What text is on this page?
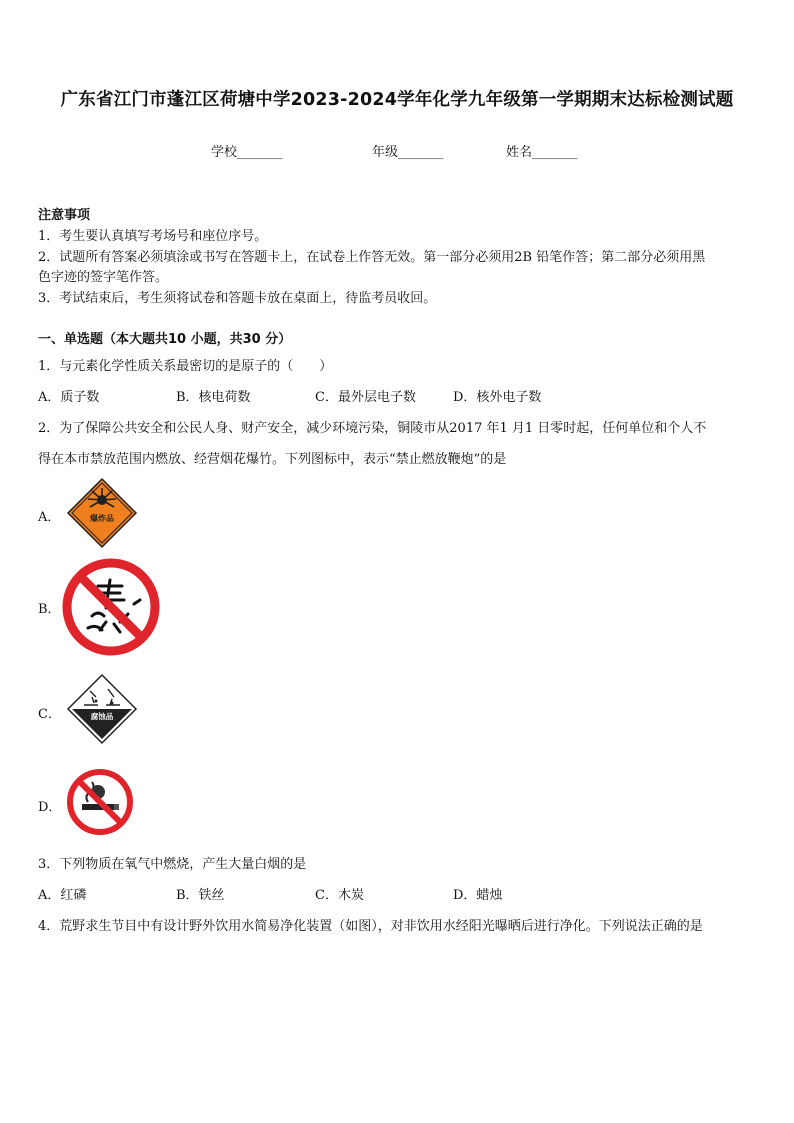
广东省江门市蓬江区荷塘中学2023-2024学年化学九年级第一学期期末达标检测试题
学校_______	年级_______	姓名_______
注意事项
1．考生要认真填写考场号和座位序号。
2．试题所有答案必须填涂或书写在答题卡上，在试卷上作答无效。第一部分必须用2B 铅笔作答；第二部分必须用黑
色字迹的签字笔作答。
3．考试结束后，考生须将试卷和答题卡放在桌面上，待监考员收回。
一、单选题（本大题共10 小题，共30 分）
1．与元素化学性质关系最密切的是原子的（　　）
A．质子数	B．核电荷数	C．最外层电子数	D．核外电子数
2．为了保障公共安全和公民人身、财产安全，减少环境污染，铜陵市从2017 年1 月1 日零时起，任何单位和个人不
得在本市禁放范围内燃放、经营烟花爆竹。下列图标中，表示“禁止燃放鞭炮”的是
A．	爆炸品
B．
C．	腐蚀品
D．
3．下列物质在氧气中燃烧，产生大量白烟的是
A．红磷	B．铁丝	C．木炭	D．蜡烛
4．荒野求生节目中有设计野外饮用水简易净化装置（如图），对非饮用水经阳光曝晒后进行净化。下列说法正确的是
